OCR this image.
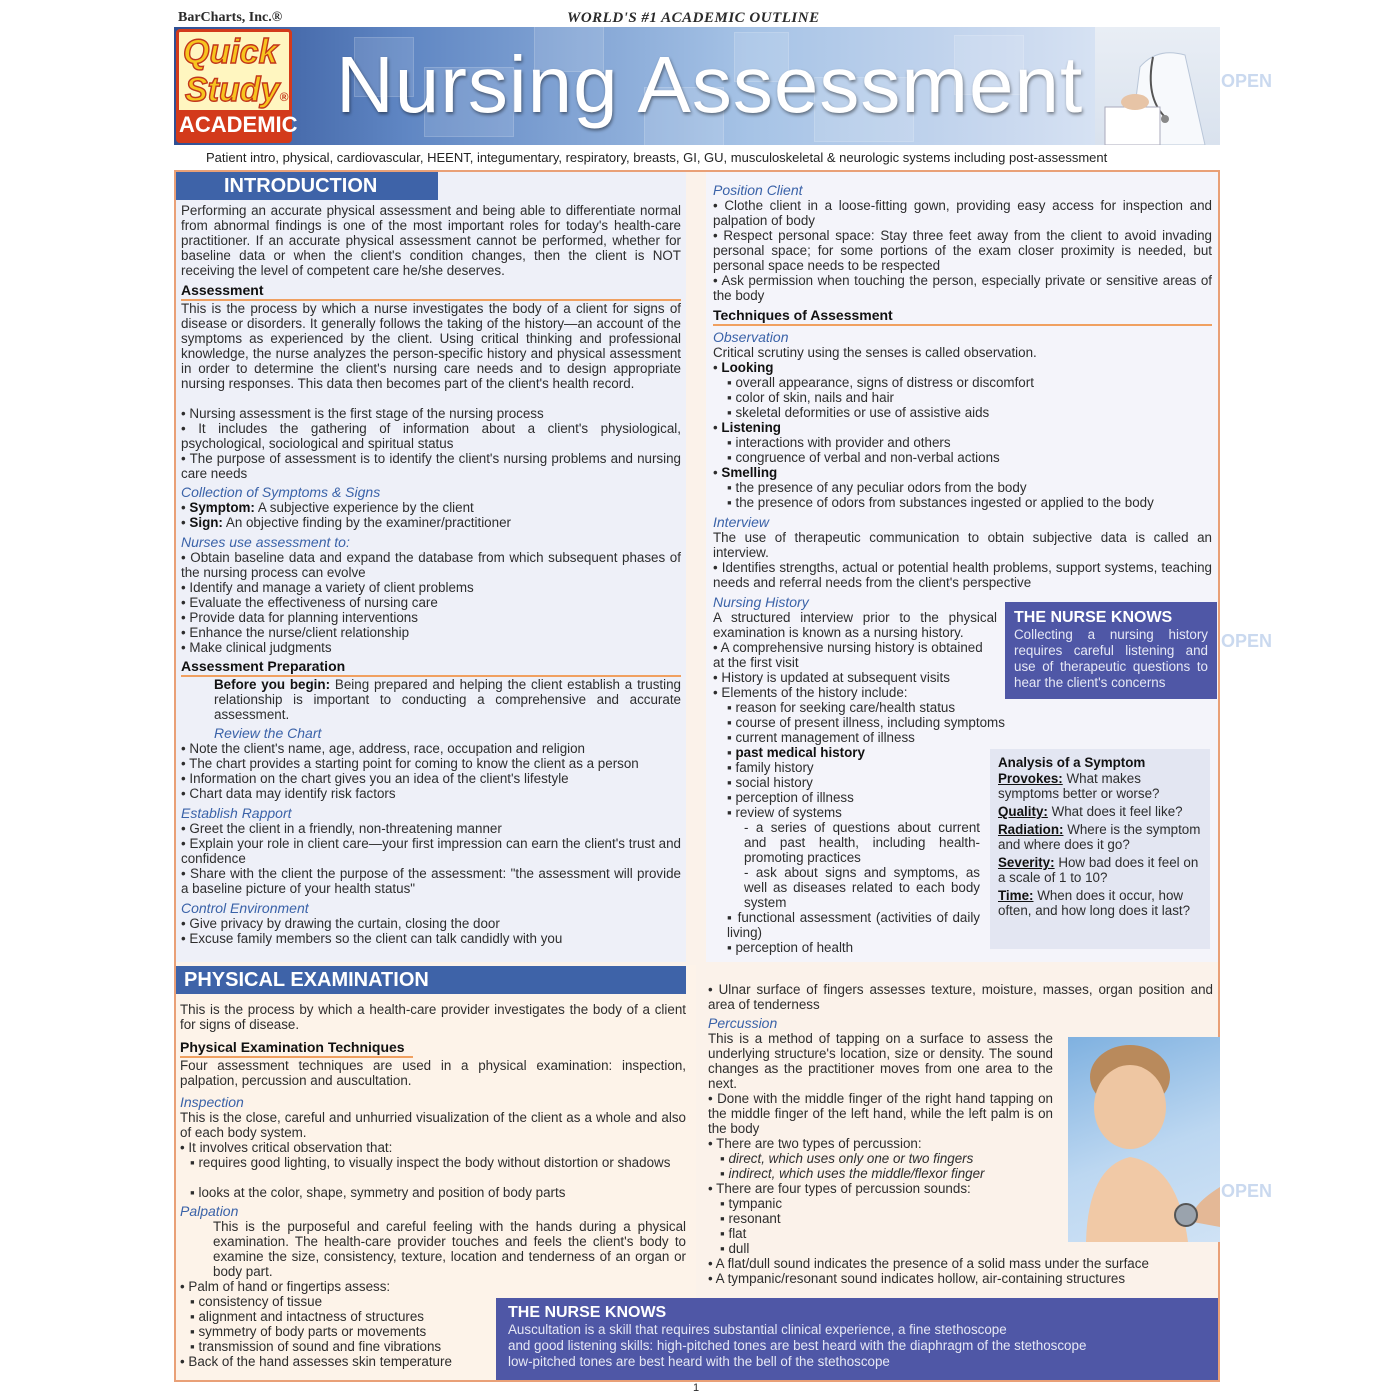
BarCharts, Inc.®	WORLD'S #1 ACADEMIC OUTLINE
Quick
Study®
ACADEMIC Nursing Assessment
Patient intro, physical, cardiovascular, HEENT, integumentary, respiratory, breasts, GI, GU, musculoskeletal & neurologic systems including post-assessment
OPEN
OPEN
OPEN
INTRODUCTION
Performing an accurate physical assessment and being able to differentiate normal from abnormal findings is one of the most important roles for today's health-care practitioner. If an accurate physical assessment cannot be performed, whether for baseline data or when the client's condition changes, then the client is NOT receiving the level of competent care he/she deserves.
Assessment
This is the process by which a nurse investigates the body of a client for signs of disease or disorders. It generally follows the taking of the history—an account of the symptoms as experienced by the client. Using critical thinking and professional knowledge, the nurse analyzes the person-specific history and physical assessment in order to determine the client's nursing care needs and to design appropriate nursing responses. This data then becomes part of the client's health record.
• Nursing assessment is the first stage of the nursing process
• It includes the gathering of information about a client's physiological, psychological, sociological and spiritual status
• The purpose of assessment is to identify the client's nursing problems and nursing care needs
Collection of Symptoms & Signs
• Symptom: A subjective experience by the client
• Sign: An objective finding by the examiner/practitioner
Nurses use assessment to:
• Obtain baseline data and expand the database from which subsequent phases of the nursing process can evolve
• Identify and manage a variety of client problems
• Evaluate the effectiveness of nursing care
• Provide data for planning interventions
• Enhance the nurse/client relationship
• Make clinical judgments
Assessment Preparation
Before you begin: Being prepared and helping the client establish a trusting relationship is important to conducting a comprehensive and accurate assessment.
Review the Chart
• Note the client's name, age, address, race, occupation and religion
• The chart provides a starting point for coming to know the client as a person
• Information on the chart gives you an idea of the client's lifestyle
• Chart data may identify risk factors
Establish Rapport
• Greet the client in a friendly, non-threatening manner
• Explain your role in client care—your first impression can earn the client's trust and confidence
• Share with the client the purpose of the assessment: "the assessment will provide a baseline picture of your health status"
Control Environment
• Give privacy by drawing the curtain, closing the door
• Excuse family members so the client can talk candidly with you
Position Client
• Clothe client in a loose-fitting gown, providing easy access for inspection and palpation of body
• Respect personal space: Stay three feet away from the client to avoid invading personal space; for some portions of the exam closer proximity is needed, but personal space needs to be respected
• Ask permission when touching the person, especially private or sensitive areas of the body
Techniques of Assessment
Observation
Critical scrutiny using the senses is called observation.
• Looking
▪ overall appearance, signs of distress or discomfort
▪ color of skin, nails and hair
▪ skeletal deformities or use of assistive aids
• Listening
▪ interactions with provider and others
▪ congruence of verbal and non-verbal actions
• Smelling
▪ the presence of any peculiar odors from the body
▪ the presence of odors from substances ingested or applied to the body
Interview
The use of therapeutic communication to obtain subjective data is called an interview.
• Identifies strengths, actual or potential health problems, support systems, teaching needs and referral needs from the client's perspective
Nursing History
A structured interview prior to the physical examination is known as a nursing history.
• A comprehensive nursing history is obtained at the first visit
• History is updated at subsequent visits
• Elements of the history include:
▪ reason for seeking care/health status
▪ course of present illness, including symptoms
▪ current management of illness
▪ past medical history
▪ family history
▪ social history
▪ perception of illness
▪ review of systems
- a series of questions about current and past health, including health-promoting practices
- ask about signs and symptoms, as well as diseases related to each body system
▪ functional assessment (activities of daily living)
▪ perception of health
THE NURSE KNOWS
Collecting a nursing history requires careful listening and use of therapeutic questions to hear the client's concerns
Analysis of a Symptom
Provokes: What makes symptoms better or worse?
Quality: What does it feel like?
Radiation: Where is the symptom and where does it go?
Severity: How bad does it feel on a scale of 1 to 10?
Time: When does it occur, how often, and how long does it last?
PHYSICAL EXAMINATION
This is the process by which a health-care provider investigates the body of a client for signs of disease.
Physical Examination Techniques
Four assessment techniques are used in a physical examination: inspection, palpation, percussion and auscultation.
Inspection
This is the close, careful and unhurried visualization of the client as a whole and also of each body system.
• It involves critical observation that:
▪ requires good lighting, to visually inspect the body without distortion or shadows
▪ looks at the color, shape, symmetry and position of body parts
Palpation
This is the purposeful and careful feeling with the hands during a physical examination. The health-care provider touches and feels the client's body to examine the size, consistency, texture, location and tenderness of an organ or body part.
• Palm of hand or fingertips assess:
▪ consistency of tissue
▪ alignment and intactness of structures
▪ symmetry of body parts or movements
▪ transmission of sound and fine vibrations
• Back of the hand assesses skin temperature
• Ulnar surface of fingers assesses texture, moisture, masses, organ position and area of tenderness
Percussion
This is a method of tapping on a surface to assess the underlying structure's location, size or density. The sound changes as the practitioner moves from one area to the next.
• Done with the middle finger of the right hand tapping on the middle finger of the left hand, while the left palm is on the body
• There are two types of percussion:
▪ direct, which uses only one or two fingers
▪ indirect, which uses the middle/flexor finger
• There are four types of percussion sounds:
▪ tympanic
▪ resonant
▪ flat
▪ dull
• A flat/dull sound indicates the presence of a solid mass under the surface
• A tympanic/resonant sound indicates hollow, air-containing structures
THE NURSE KNOWS
Auscultation is a skill that requires substantial clinical experience, a fine stethoscope
and good listening skills: high-pitched tones are best heard with the diaphragm of the stethoscope
low-pitched tones are best heard with the bell of the stethoscope
1
